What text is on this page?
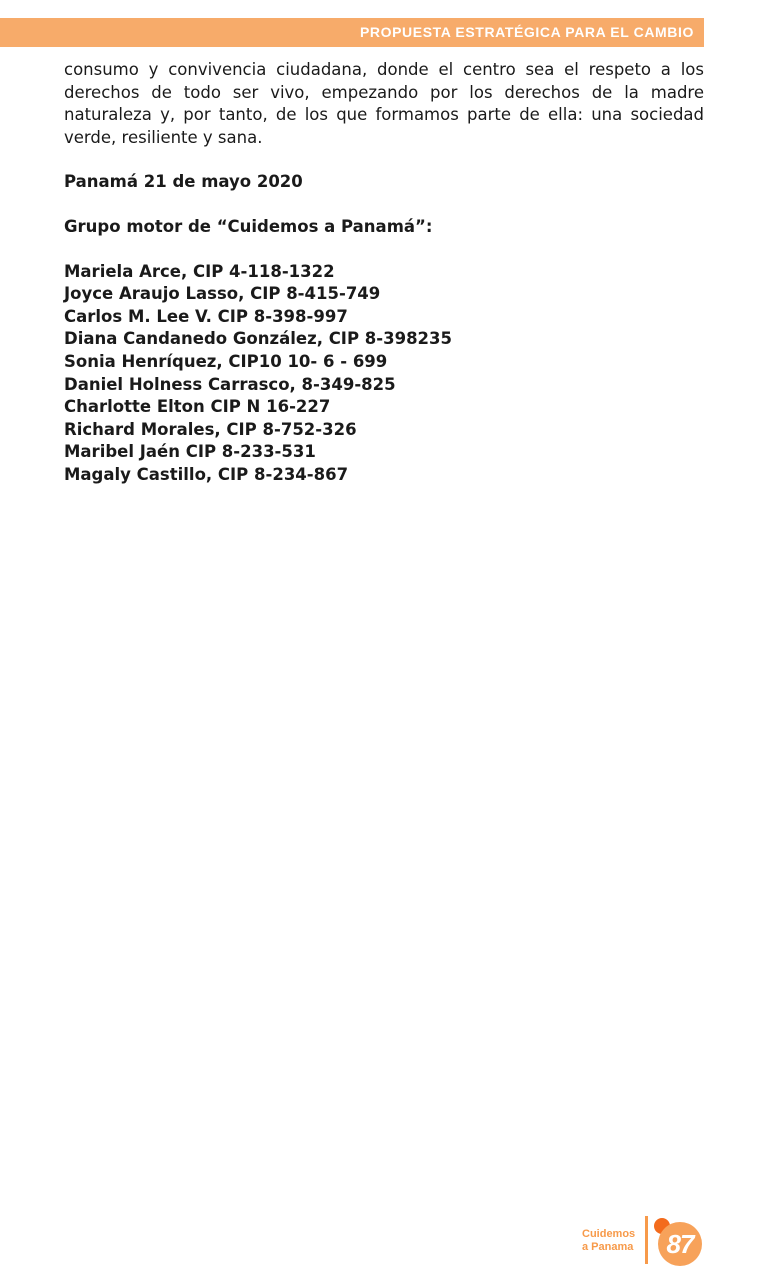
PROPUESTA ESTRATÉGICA PARA EL CAMBIO

consumo y convivencia ciudadana, donde el centro sea el respeto a los derechos de todo ser vivo, empezando por los derechos de la madre naturaleza y, por tanto, de los que formamos parte de ella: una sociedad verde, resiliente y sana.

Panamá 21 de mayo 2020

Grupo motor de “Cuidemos a Panamá”:

Mariela Arce, CIP 4-118-1322
Joyce Araujo Lasso, CIP 8-415-749
Carlos M. Lee V. CIP 8-398-997
Diana Candanedo González, CIP 8-398235
Sonia Henríquez, CIP10 10- 6 - 699
Daniel Holness Carrasco, 8-349-825
Charlotte Elton CIP N 16-227
Richard Morales, CIP 8-752-326
Maribel Jaén CIP 8-233-531
Magaly Castillo, CIP 8-234-867
Cuidemos
a Panama	87
